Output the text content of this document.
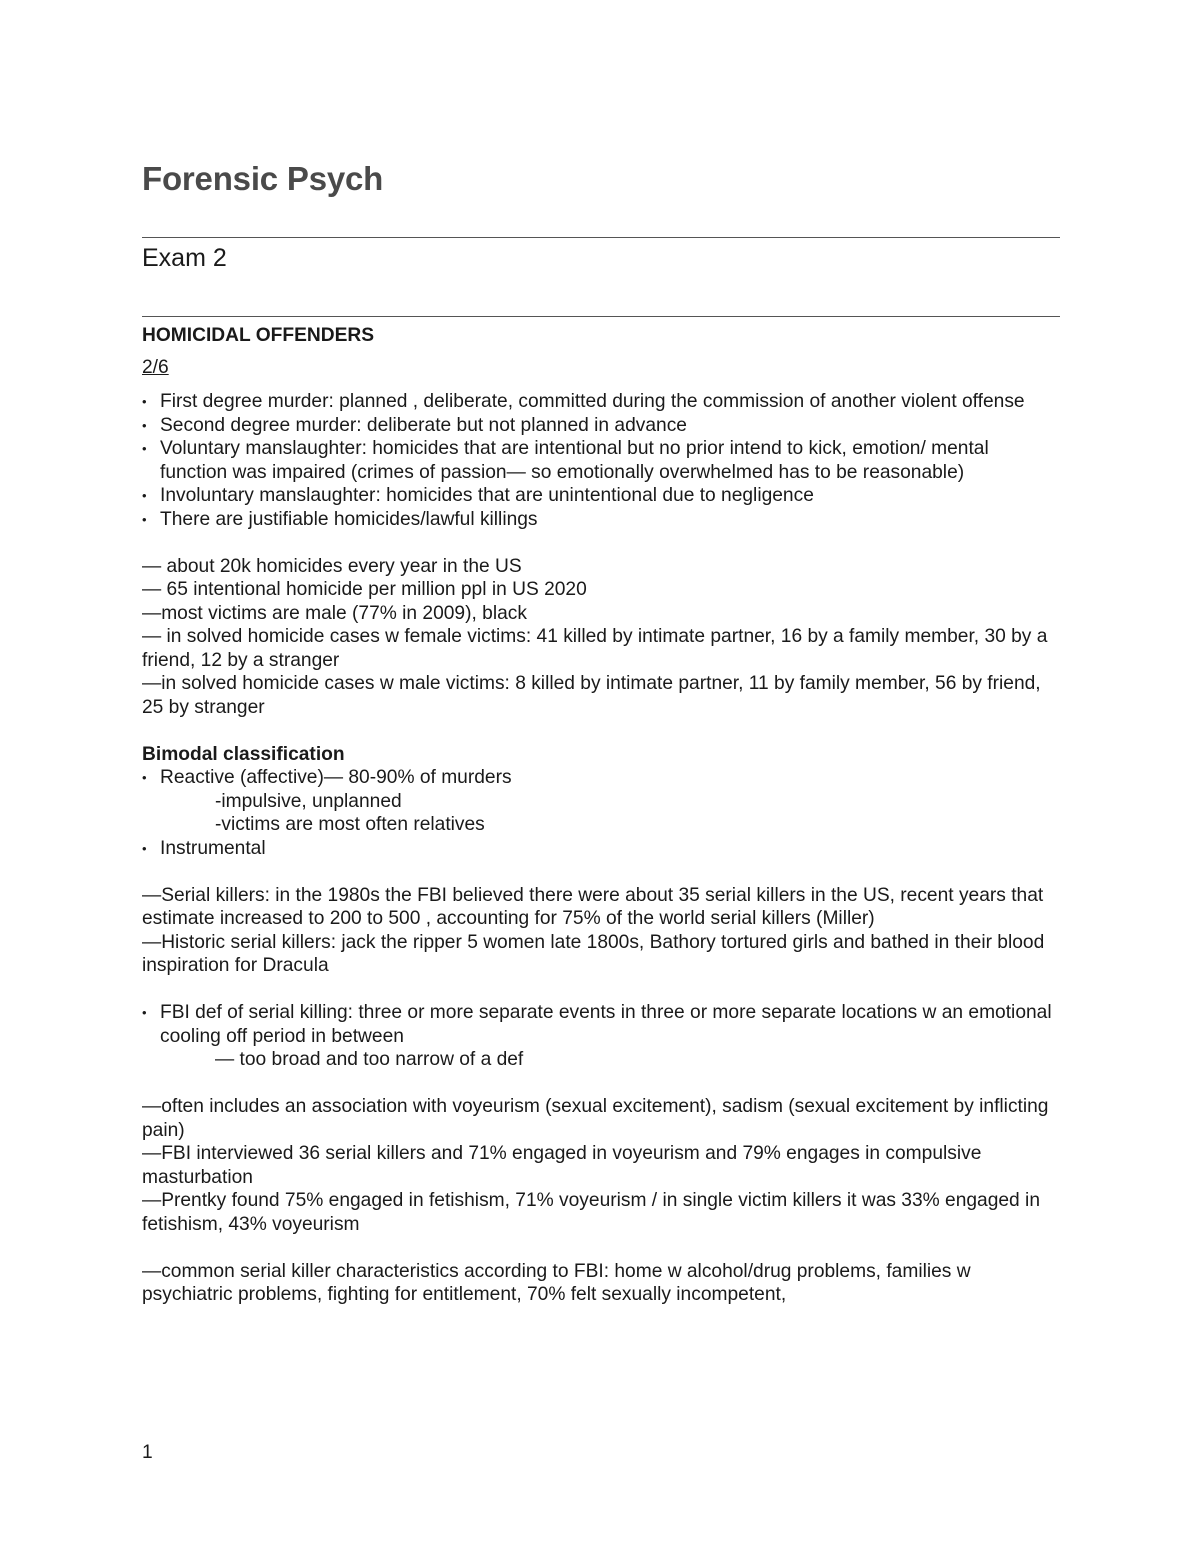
Forensic Psych
Exam 2
HOMICIDAL OFFENDERS
2/6
• First degree murder: planned , deliberate, committed during the commission of another violent offense
• Second degree murder: deliberate but not planned in advance
• Voluntary manslaughter: homicides that are intentional but no prior intend to kick, emotion/ mental function was impaired (crimes of passion— so emotionally overwhelmed has to be reasonable)
• Involuntary manslaughter: homicides that are unintentional due to negligence
• There are justifiable homicides/lawful killings

— about 20k homicides every year in the US

— 65 intentional homicide per million ppl in US 2020

—most victims are male (77% in 2009), black

— in solved homicide cases w female victims: 41 killed by intimate partner, 16 by a family member, 30 by a friend, 12 by a stranger

—in solved homicide cases w male victims: 8 killed by intimate partner, 11 by family member, 56 by friend, 25 by stranger

Bimodal classification
• Reactive (affective)— 80-90% of murders
-impulsive, unplanned
-victims are most often relatives
• Instrumental

—Serial killers: in the 1980s the FBI believed there were about 35 serial killers in the US, recent years that estimate increased to 200 to 500 , accounting for 75% of the world serial killers (Miller)

—Historic serial killers: jack the ripper 5 women late 1800s, Bathory tortured girls and bathed in their blood inspiration for Dracula

• FBI def of serial killing: three or more separate events in three or more separate locations w an emotional cooling off period in between
— too broad and too narrow of a def

—often includes an association with voyeurism (sexual excitement), sadism (sexual excitement by inflicting pain)

—FBI interviewed 36 serial killers and 71% engaged in voyeurism and 79% engages in compulsive masturbation

—Prentky found 75% engaged in fetishism, 71% voyeurism / in single victim killers it was 33% engaged in fetishism, 43% voyeurism

—common serial killer characteristics according to FBI: home w alcohol/drug problems, families w psychiatric problems, fighting for entitlement, 70% felt sexually incompetent,

1
